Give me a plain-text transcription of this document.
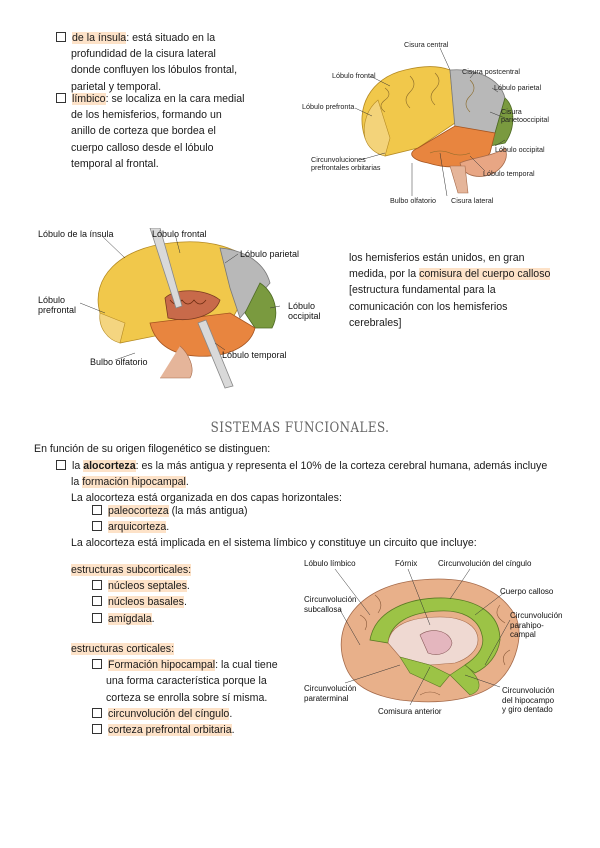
de la ínsula: está situado en la
profundidad de la cisura lateral
donde confluyen los lóbulos frontal,
parietal y temporal.
límbico: se localiza en la cara medial
de los hemisferios, formando un
anillo de corteza que bordea el
cuerpo calloso desde el lóbulo
temporal al frontal.
Cisura central
Lóbulo frontal	Cisura postcentral
Lóbulo parietal
Lóbulo prefronta
Cisura
parietooccipital
Lóbulo occipital
Circunvoluciones
prefrontales orbitarias
Lóbulo temporal
Bulbo olfatorio Cisura lateral
Lóbulo de la ínsula	Lóbulo frontal
Lóbulo parietal
Lóbulo
prefrontal	Lóbulo
occipital
Lóbulo temporal
Bulbo olfatorio
los hemisferios están unidos, en gran
medida, por la comisura del cuerpo calloso
[estructura fundamental para la
comunicación con los hemisferios
cerebrales]
SISTEMAS FUNCIONALES.
En función de su origen filogenético se distinguen:
la alocorteza: es la más antigua y representa el 10% de la corteza cerebral humana, además incluye
la formación hipocampal.
La alocorteza está organizada en dos capas horizontales:
paleocorteza (la más antigua)
arquicorteza.
La alocorteza está implicada en el sistema límbico y constituye un circuito que incluye:
estructuras subcorticales:
núcleos septales.
núcleos basales.
amígdala.
estructuras corticales:
Formación hipocampal: la cual tiene
una forma característica porque la
corteza se enrolla sobre sí misma.
circunvolución del cíngulo.
corteza prefrontal orbitaria.
Lóbulo límbico	Fórnix	Circunvolución del cíngulo
Cuerpo calloso
Circunvolución
subcallosa
Circunvolución
parahipo-
campal
Circunvolución
paraterminal
Comisura anterior
Circunvolución
del hipocampo
y giro dentado
